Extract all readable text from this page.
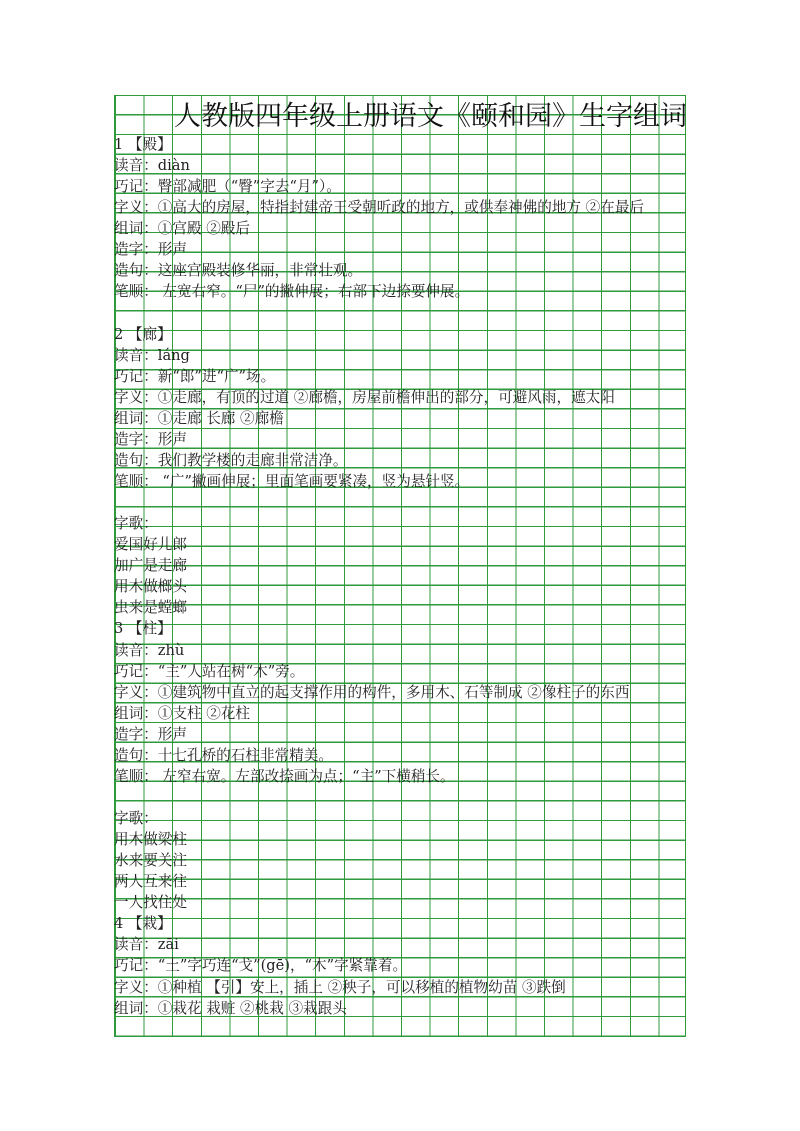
人教版四年级上册语文《颐和园》生字组词
1 【殿】
读音：diàn
巧记：臀部减肥（“臀”字去“月”）。
字义：①高大的房屋，特指封建帝王受朝听政的地方，或供奉神佛的地方 ②在最后
组词：①宫殿 ②殿后
造字：形声
造句：这座宫殿装修华丽，非常壮观。
笔顺： 左宽右窄。“尸”的撇伸展；右部下边捺要伸展。
2 【廊】
读音：láng
巧记：新“郎”进“广”场。
字义：①走廊，有顶的过道 ②廊檐，房屋前檐伸出的部分，可避风雨，遮太阳
组词：①走廊 长廊 ②廊檐
造字：形声
造句：我们教学楼的走廊非常洁净。
笔顺： “广”撇画伸展；里面笔画要紧凑，竖为悬针竖。
字歌：
爱国好儿郎
加广是走廊
用木做榔头
虫来是螳螂
3 【柱】
读音：zhù
巧记：“主”人站在树“木”旁。
字义：①建筑物中直立的起支撑作用的构件，多用木、石等制成 ②像柱子的东西
组词：①支柱 ②花柱
造字：形声
造句：十七孔桥的石柱非常精美。
笔顺： 左窄右宽。左部改捺画为点；“主”下横稍长。
字歌：
用木做梁柱
水来要关注
两人互来往
一人找住处
4 【栽】
读音：zāi
巧记：“土”字巧连“戈”(gē)，“木”字紧靠着。
字义：①种植 【引】安上，插上 ②秧子，可以移植的植物幼苗 ③跌倒
组词：①栽花 栽赃 ②桃栽 ③栽跟头
